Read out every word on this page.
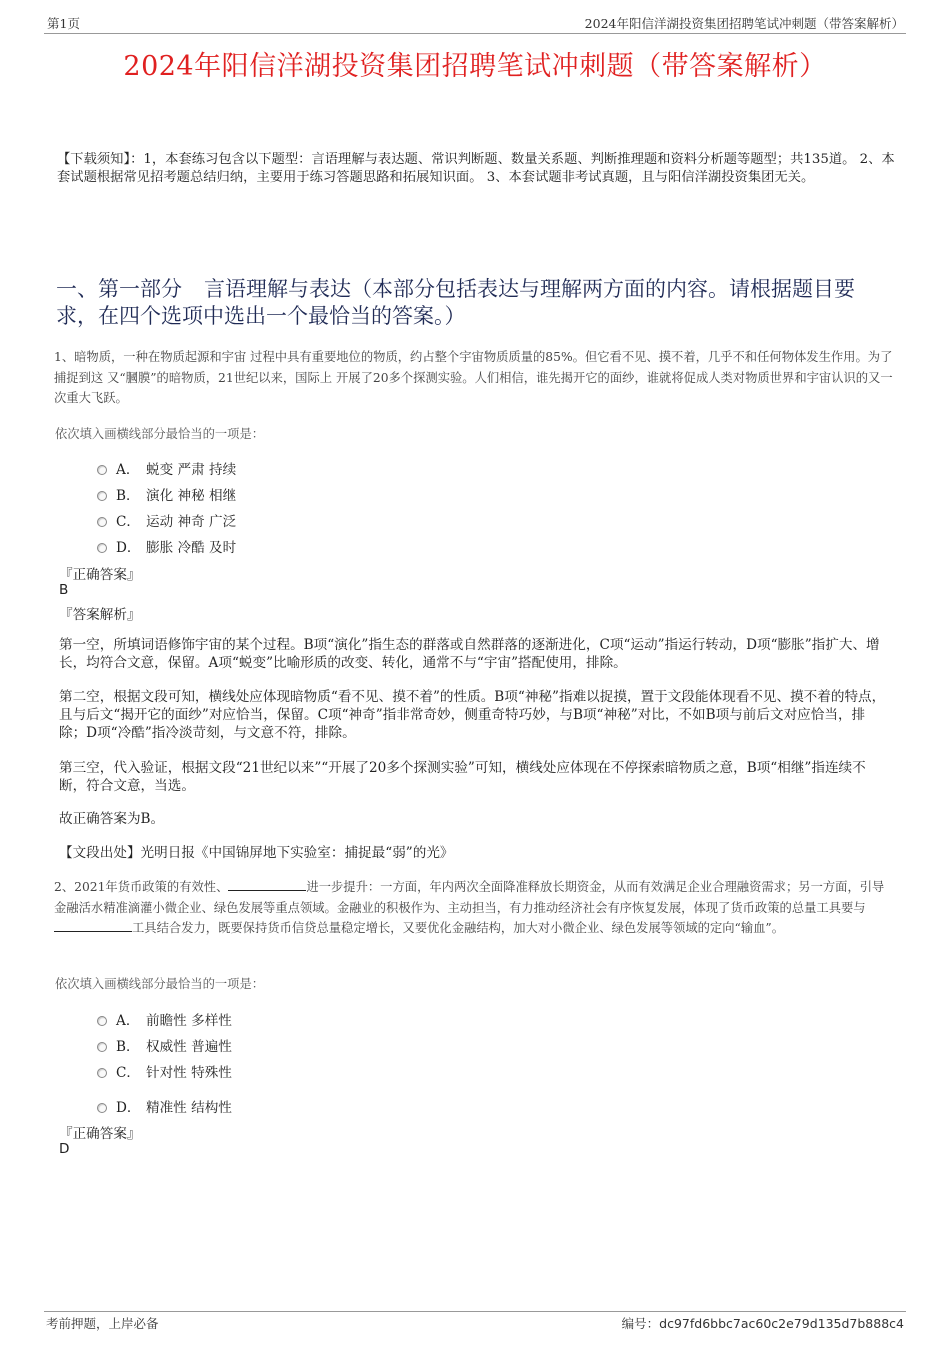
第1页	2024年阳信洋湖投资集团招聘笔试冲刺题（带答案解析）
2024年阳信洋湖投资集团招聘笔试冲刺题（带答案解析）
【下载须知】：1，本套练习包含以下题型：言语理解与表达题、常识判断题、数量关系题、判断推理题和资料分析题等题型；共135道。 2、本套试题根据常见招考题总结归纳，主要用于练习答题思路和拓展知识面。 3、本套试题非考试真题，且与阳信洋湖投资集团无关。
一、第一部分 言语理解与表达（本部分包括表达与理解两方面的内容。请根据题目要求，在四个选项中选出一个最恰当的答案。）
1、暗物质，一种在物质起源和宇宙 过程中具有重要地位的物质，约占整个宇宙物质质量的85%。但它看不见、摸不着，几乎不和任何物体发生作用。为了捕捉到这 又“膕膜”的暗物质，21世纪以来，国际上 开展了20多个探测实验。人们相信，谁先揭开它的面纱，谁就将促成人类对物质世界和宇宙认识的又一次重大飞跃。
依次填入画横线部分最恰当的一项是：
A． 蜕变 严肃 持续
B． 演化 神秘 相继
C． 运动 神奇 广泛
D． 膨胀 冷酷 及时
『正确答案』
B
『答案解析』
第一空，所填词语修饰宇宙的某个过程。B项“演化”指生态的群落或自然群落的逐渐进化，C项“运动”指运行转动，D项“膨胀”指扩大、增长，均符合文意，保留。A项“蜕变”比喻形质的改变、转化，通常不与“宇宙”搭配使用，排除。
第二空，根据文段可知，横线处应体现暗物质“看不见、摸不着”的性质。B项“神秘”指难以捉摸，置于文段能体现看不见、摸不着的特点，且与后文“揭开它的面纱”对应恰当，保留。C项“神奇”指非常奇妙，侧重奇特巧妙，与B项“神秘”对比，不如B项与前后文对应恰当，排除；D项“冷酷”指冷淡苛刻，与文意不符，排除。
第三空，代入验证，根据文段“21世纪以来”“开展了20多个探测实验”可知，横线处应体现在不停探索暗物质之意，B项“相继”指连续不断，符合文意，当选。
故正确答案为B。
【文段出处】光明日报《中国锦屏地下实验室：捕捉最“弱”的光》
2、2021年货币政策的有效性、	进一步提升：一方面，年内两次全面降准释放长期资金，从而有效满足企业合理融资需求；另一方面，引导金融活水精准滴灌小微企业、绿色发展等重点领域。金融业的积极作为、主动担当，有力推动经济社会有序恢复发展，体现了货币政策的总量工具要与工具结合发力，既要保持货币信贷总量稳定增长，又要优化金融结构，加大对小微企业、绿色发展等领域的定向“输血”。
依次填入画横线部分最恰当的一项是：
A． 前瞻性 多样性
B． 权威性 普遍性
C． 针对性 特殊性
D． 精准性 结构性
『正确答案』
D
考前押题，上岸必备	编号：dc97fd6bbc7ac60c2e79d135d7b888c4
